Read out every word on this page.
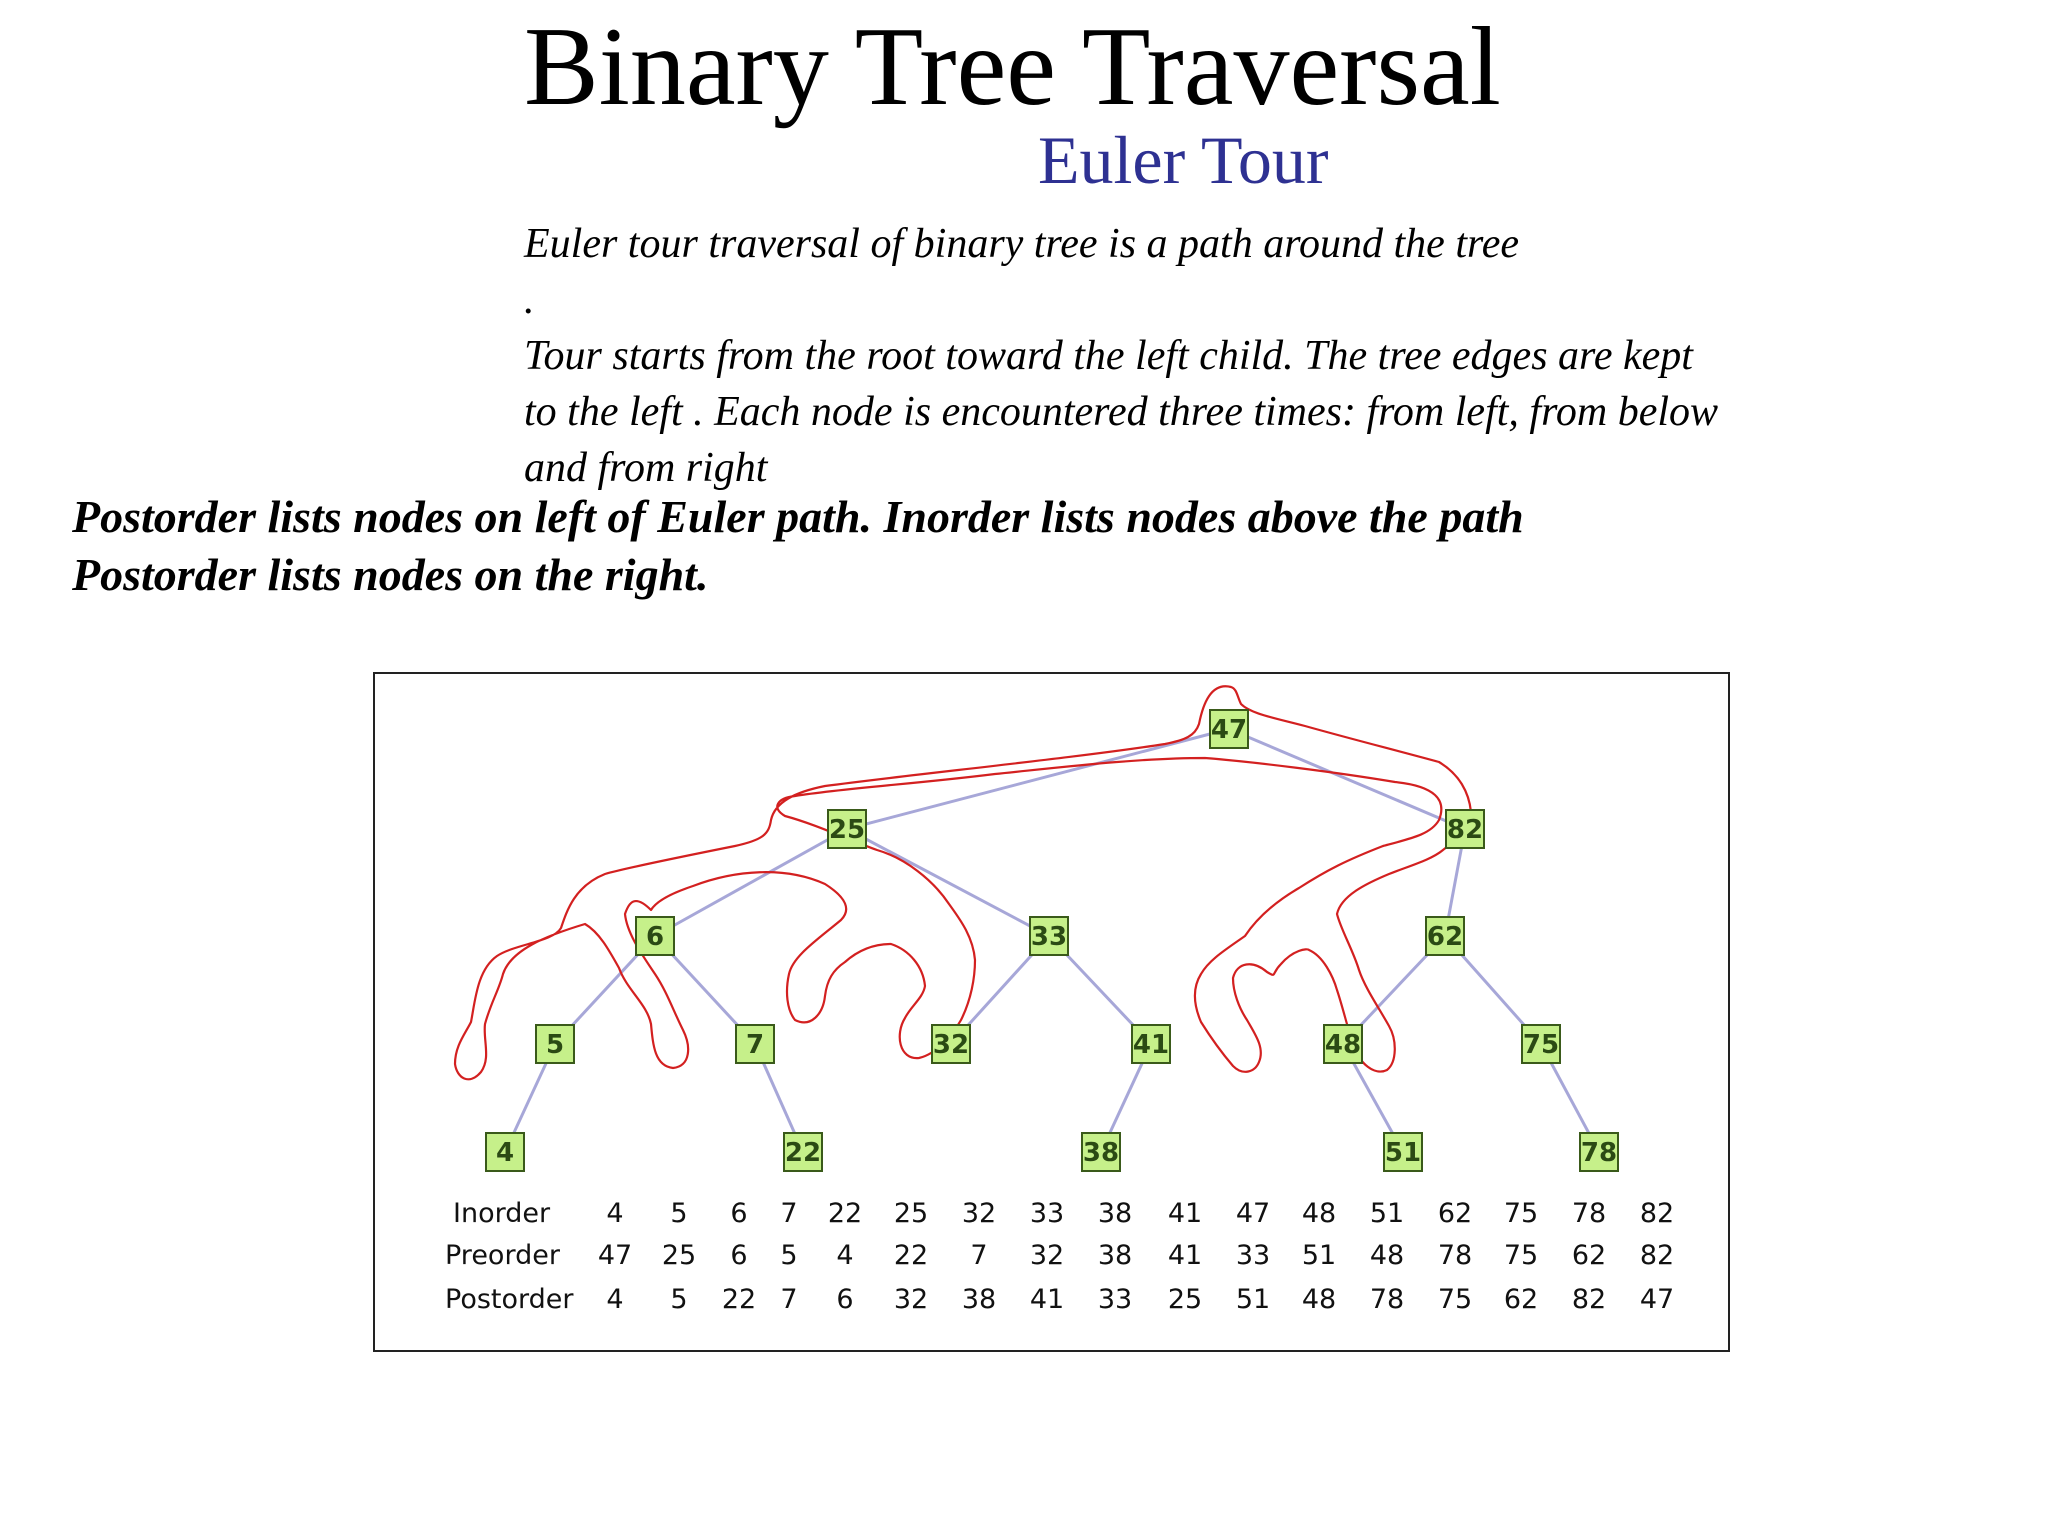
Binary Tree Traversal
Euler Tour
Euler tour traversal of binary tree is a path around the tree
.
Tour starts from the root toward the left child. The tree edges are kept
to the left . Each node is encountered three times: from left, from below
and from right
Postorder lists nodes on left of Euler path. Inorder lists nodes above the path
Postorder lists nodes on the right.
47
25	82
6	33	62
5	7	32	41	48	75
4	22	38	51	78
Inorder 4 5 6 7 22 25 32 33 38 41 47 48 51 62 75 78 82
Preorder 47 25 6 5 4 22 7 32 38 41 33 51 48 78 75 62 82
Postorder 4 5 22 7 6 32 38 41 33 25 51 48 78 75 62 82 47
